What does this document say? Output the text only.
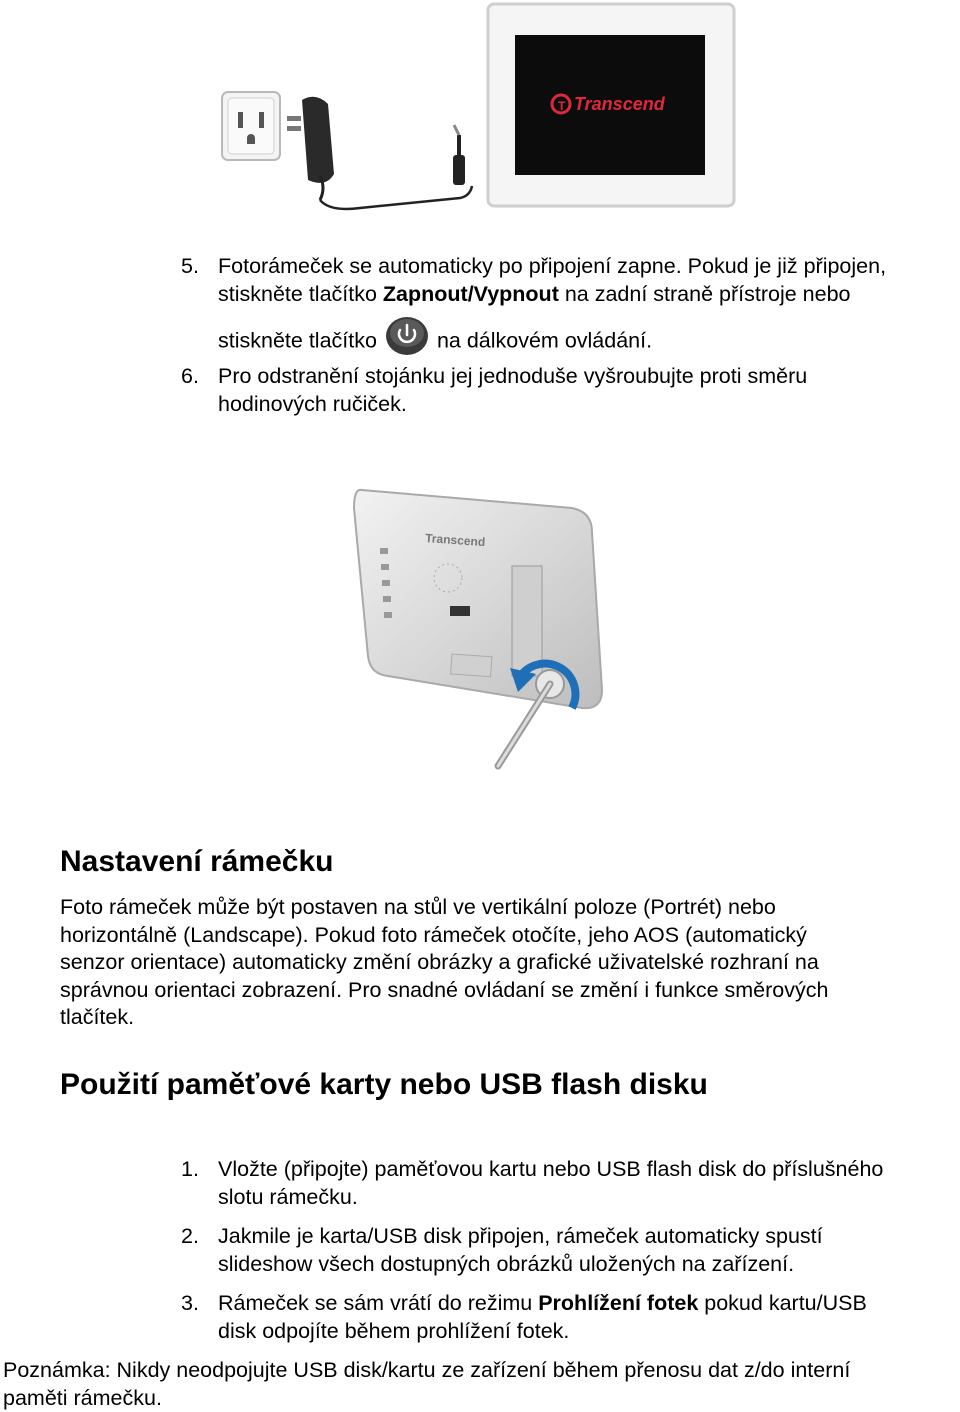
T Transcend
5. Fotorámeček se automaticky po připojení zapne. Pokud je již připojen,
stiskněte tlačítko Zapnout/Vypnout na zadní straně přístroje nebo
stiskněte tlačítko	na dálkovém ovládání.
6. Pro odstranění stojánku jej jednoduše vyšroubujte proti směru
hodinových ručiček.
Transcend
Nastavení rámečku
Foto rámeček může být postaven na stůl ve vertikální poloze (Portrét) nebo
horizontálně (Landscape). Pokud foto rámeček otočíte, jeho AOS (automatický
senzor orientace) automaticky změní obrázky a grafické uživatelské rozhraní na
správnou orientaci zobrazení. Pro snadné ovládaní se změní i funkce směrových
tlačítek.
Použití paměťové karty nebo USB flash disku
1. Vložte (připojte) paměťovou kartu nebo USB flash disk do příslušného
slotu rámečku.
2. Jakmile je karta/USB disk připojen, rámeček automaticky spustí
slideshow všech dostupných obrázků uložených na zařízení.
3. Rámeček se sám vrátí do režimu Prohlížení fotek pokud kartu/USB
disk odpojíte během prohlížení fotek.
Poznámka: Nikdy neodpojujte USB disk/kartu ze zařízení během přenosu dat z/do interní
paměti rámečku.
